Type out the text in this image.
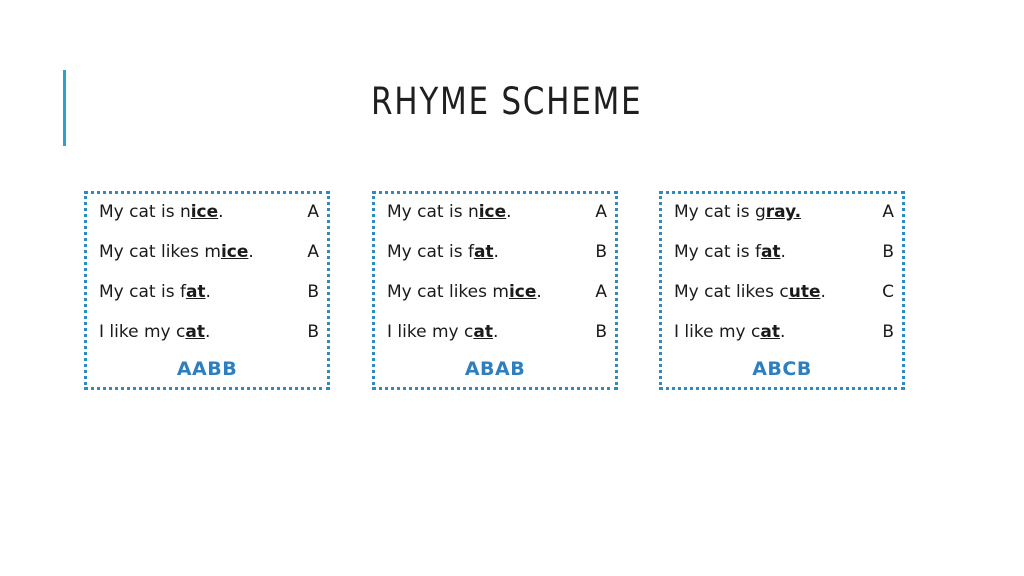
RHYME SCHEME
My cat is nice.	A
My cat likes mice.	A
My cat is fat.	B
I like my cat.	B
AABB
My cat is nice.	A
My cat is fat.	B
My cat likes mice.	A
I like my cat.	B
ABAB
My cat is gray.	A
My cat is fat.	B
My cat likes cute.	C
I like my cat.	B
ABCB
